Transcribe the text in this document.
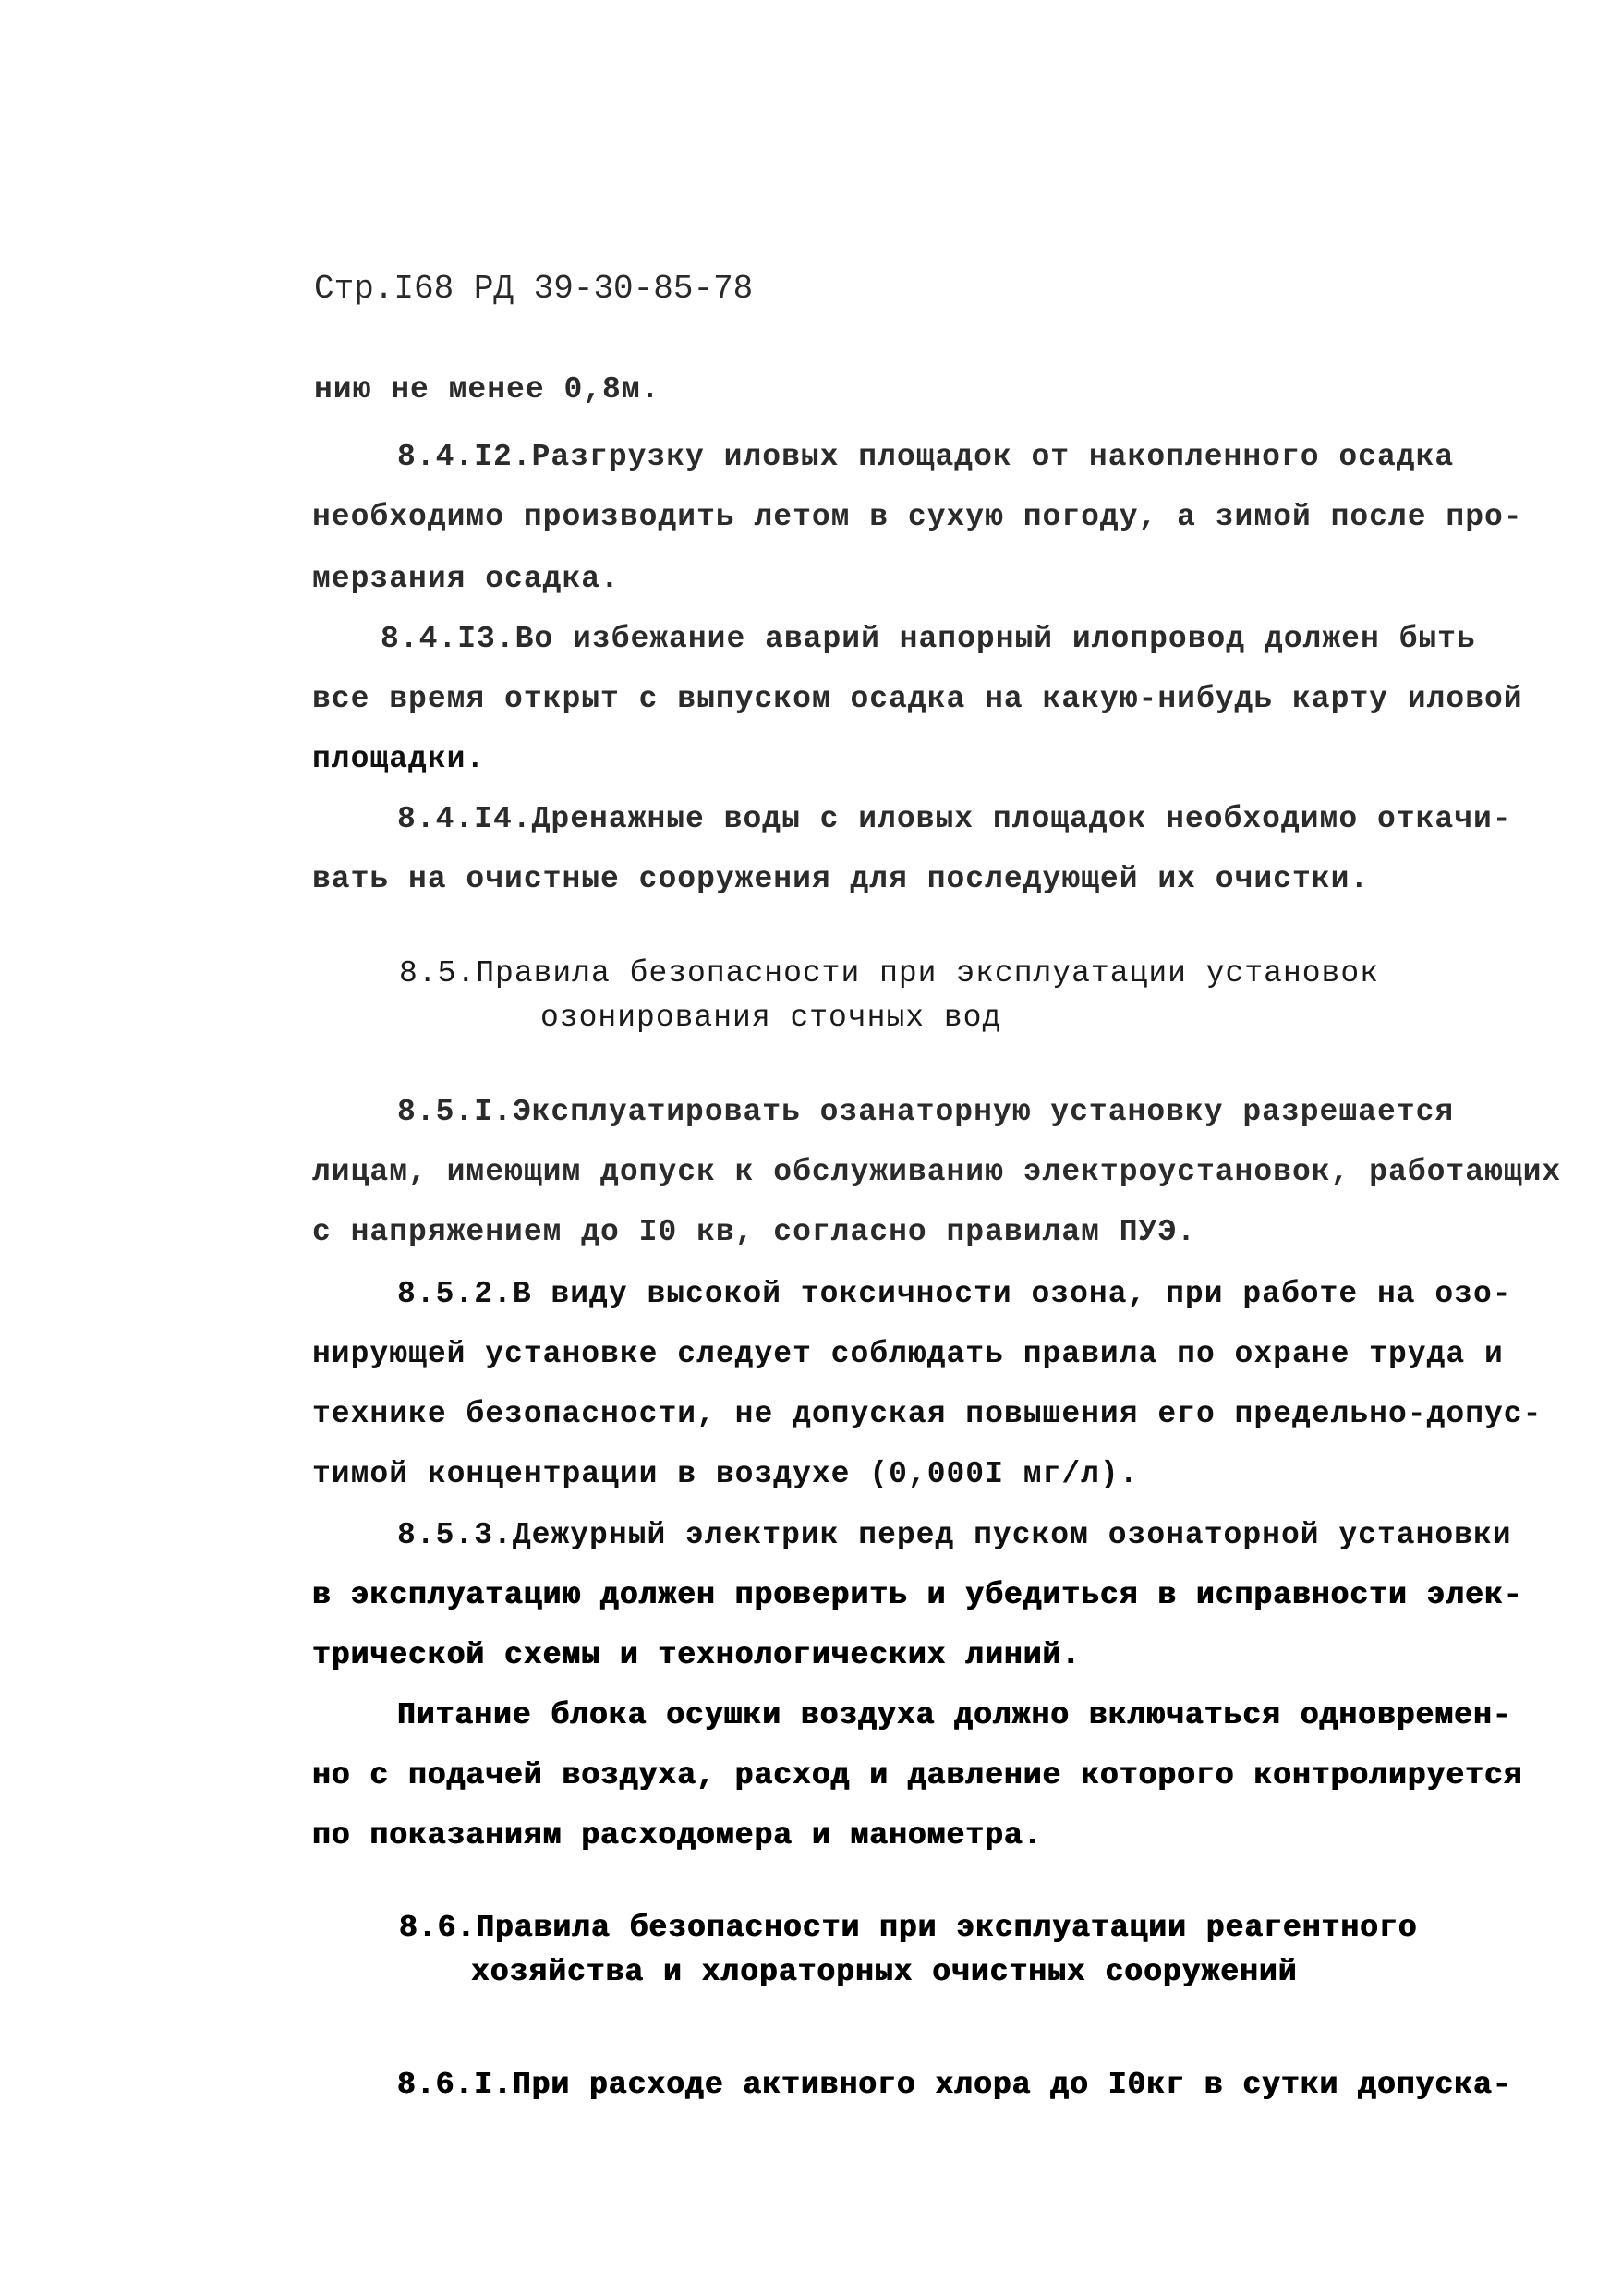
Стр.I68 РД 39-30-85-78
нию не менее 0,8м.
8.4.I2.Разгрузку иловых площадок от накопленного осадка
необходимо производить летом в сухую погоду, а зимой после про-
мерзания осадка.
8.4.I3.Во избежание аварий напорный илопровод должен быть
все время открыт с выпуском осадка на какую-нибудь карту иловой
площадки.
8.4.I4.Дренажные воды с иловых площадок необходимо откачи-
вать на очистные сооружения для последующей их очистки.
8.5.Правила безопасности при эксплуатации установок
озонирования сточных вод
8.5.I.Эксплуатировать озанаторную установку разрешается
лицам, имеющим допуск к обслуживанию электроустановок, работающих
с напряжением до I0 кв, согласно правилам ПУЭ.
8.5.2.В виду высокой токсичности озона, при работе на озо-
нирующей установке следует соблюдать правила по охране труда и
технике безопасности, не допуская повышения его предельно-допус-
тимой концентрации в воздухе (0,000I мг/л).
8.5.3.Дежурный электрик перед пуском озонаторной установки
в эксплуатацию должен проверить и убедиться в исправности элек-
трической схемы и технологических линий.
Питание блока осушки воздуха должно включаться одновремен-
но с подачей воздуха, расход и давление которого контролируется
по показаниям расходомера и манометра.
8.6.Правила безопасности при эксплуатации реагентного
хозяйства и хлораторных очистных сооружений
8.6.I.При расходе активного хлора до I0кг в сутки допуска-
